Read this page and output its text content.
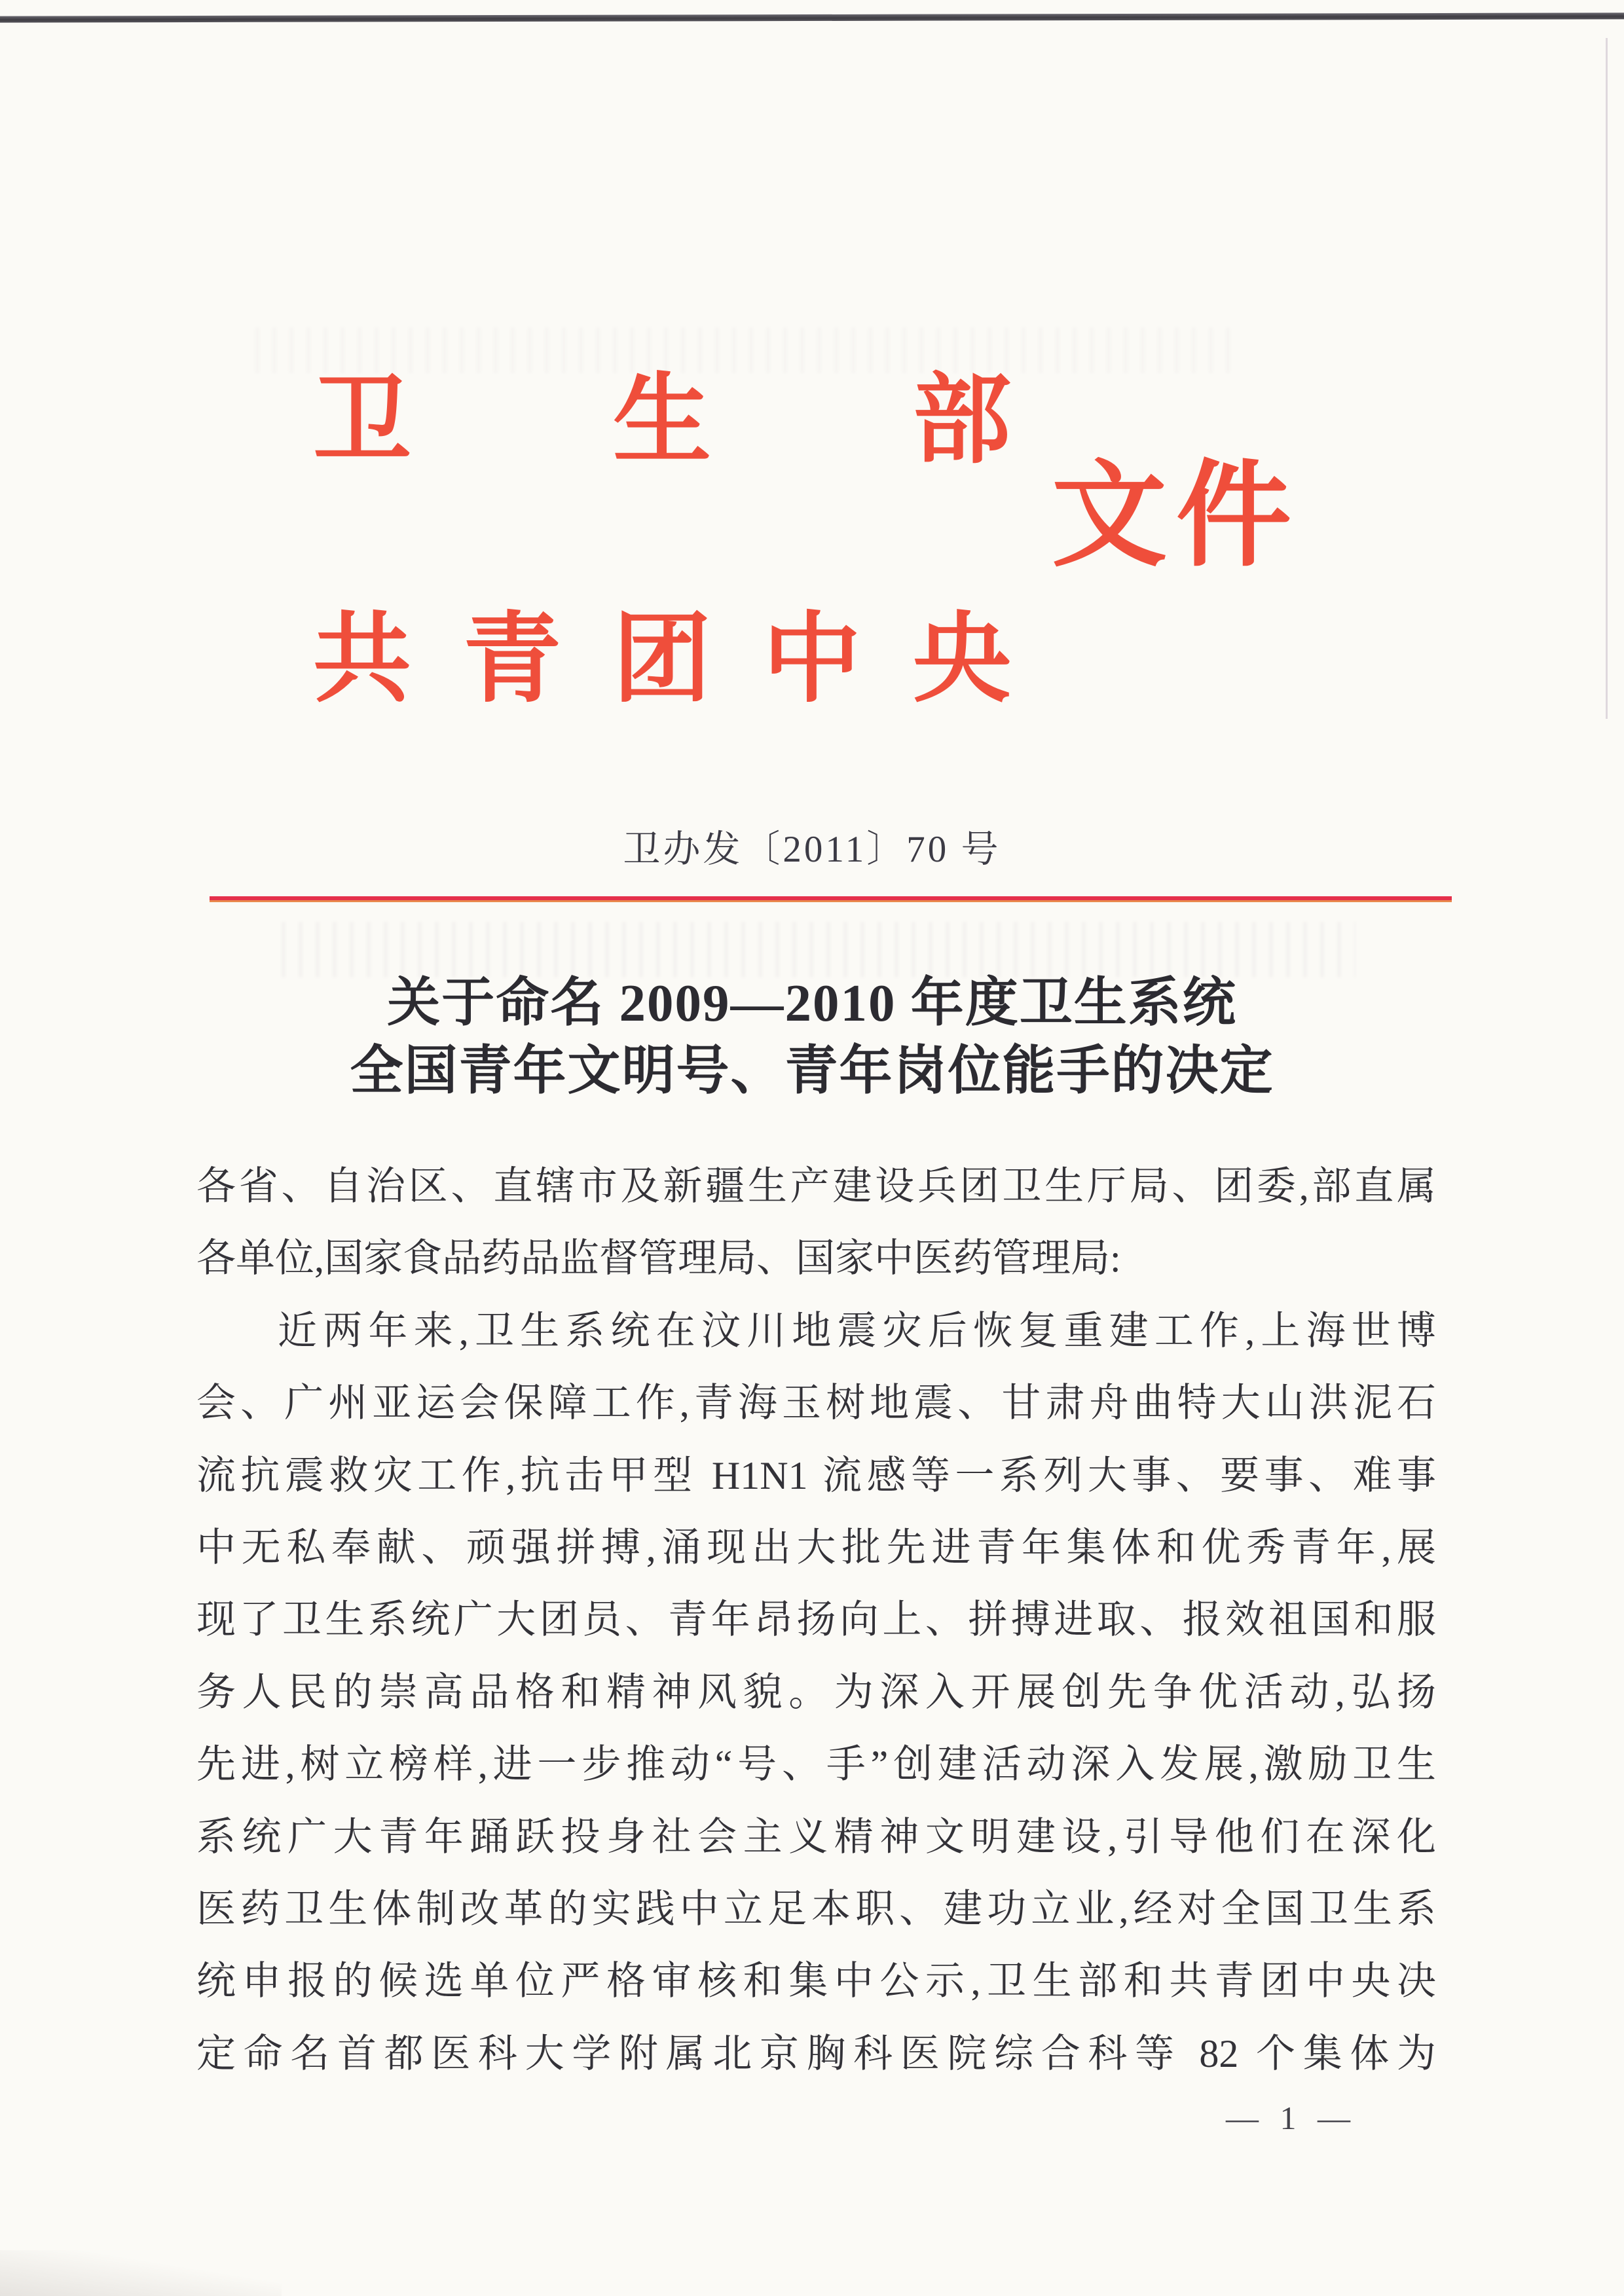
卫生部
共青团中央
文件
卫办发〔2011〕70 号
关于命名 2009—2010 年度卫生系统
全国青年文明号、青年岗位能手的决定
各省、自治区、直辖市及新疆生产建设兵团卫生厅局、团委,部直属
各单位,国家食品药品监督管理局、国家中医药管理局:
近两年来,卫生系统在汶川地震灾后恢复重建工作,上海世博
会、广州亚运会保障工作,青海玉树地震、甘肃舟曲特大山洪泥石
流抗震救灾工作,抗击甲型 H1N1 流感等一系列大事、要事、难事
中无私奉献、顽强拼搏,涌现出大批先进青年集体和优秀青年,展
现了卫生系统广大团员、青年昂扬向上、拼搏进取、报效祖国和服
务人民的崇高品格和精神风貌。为深入开展创先争优活动,弘扬
先进,树立榜样,进一步推动“号、手”创建活动深入发展,激励卫生
系统广大青年踊跃投身社会主义精神文明建设,引导他们在深化
医药卫生体制改革的实践中立足本职、建功立业,经对全国卫生系
统申报的候选单位严格审核和集中公示,卫生部和共青团中央决
定命名首都医科大学附属北京胸科医院综合科等 82 个集体为
— 1 —
